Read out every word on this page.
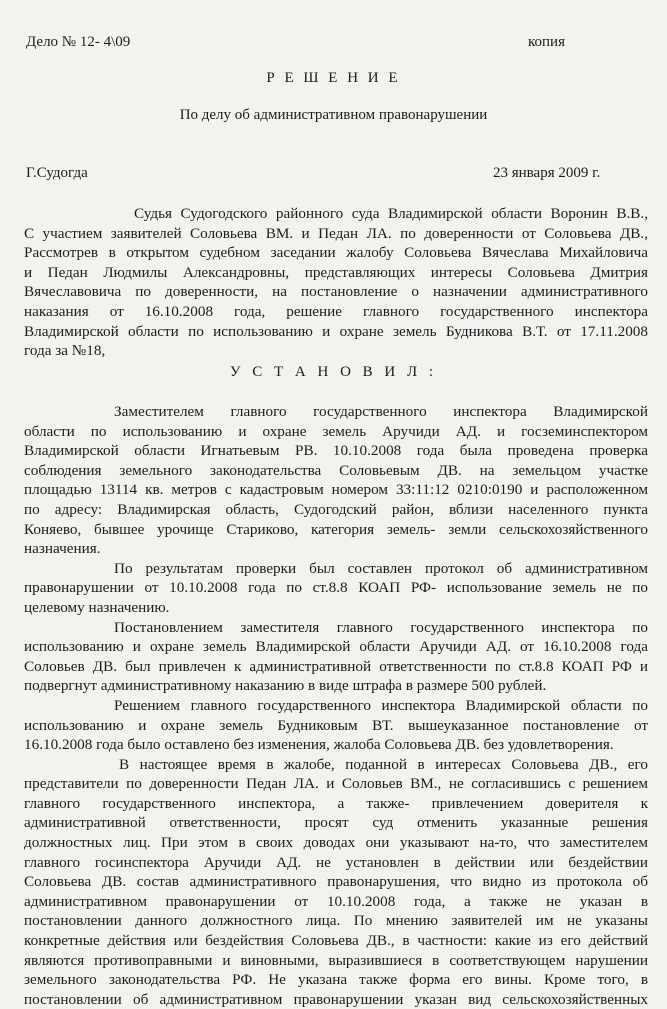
Дело № 12- 4\09	копия
Р Е Ш Е Н И Е
По делу об административном правонарушении
Г.Судогда	23 января 2009 г.
Судья Судогодского районного суда Владимирской области Воронин В.В.,
С участием заявителей Соловьева ВМ. и Педан ЛА. по доверенности от Соловьева ДВ.,
Рассмотрев в открытом судебном заседании жалобу Соловьева Вячеслава Михайловича
и Педан Людмилы Александровны, представляющих интересы Соловьева Дмитрия
Вячеславовича по доверенности, на постановление о назначении административного
наказания от 16.10.2008 года, решение главного государственного инспектора
Владимирской области по использованию и охране земель Будникова В.Т. от 17.11.2008
года за №18,
У С Т А Н О В И Л :
Заместителем главного государственного инспектора Владимирской
области по использованию и охране земель Аручиди АД. и госземинспектором
Владимирской области Игнатьевым РВ. 10.10.2008 года была проведена проверка
соблюдения земельного законодательства Соловьевым ДВ. на земельцом участке
площадью 13114 кв. метров с кадастровым номером 33:11:12 0210:0190 и расположенном
по адресу: Владимирская область, Судогодский район, вблизи населенного пункта
Коняево, бывшее урочище Стариково, категория земель- земли сельскохозяйственного
назначения.
По результатам проверки был составлен протокол об административном
правонарушении от 10.10.2008 года по ст.8.8 КОАП РФ- использование земель не по
целевому назначению.
Постановлением заместителя главного государственного инспектора по
использованию и охране земель Владимирской области Аручиди АД. от 16.10.2008 года
Соловьев ДВ. был привлечен к административной ответственности по ст.8.8 КОАП РФ и
подвергнут административному наказанию в виде штрафа в размере 500 рублей.
Решением главного государственного инспектора Владимирской области по
использованию и охране земель Будниковым ВТ. вышеуказанное постановление от
16.10.2008 года было оставлено без изменения, жалоба Соловьева ДВ. без удовлетворения.
В настоящее время в жалобе, поданной в интересах Соловьева ДВ., его
представители по доверенности Педан ЛА. и Соловьев ВМ., не согласившись с решением
главного государственного инспектора, а также- привлечением доверителя к
административной ответственности, просят суд отменить указанные решения
должностных лиц. При этом в своих доводах они указывают на-то, что заместителем
главного госинспектора Аручиди АД. не установлен в действии или бездействии
Соловьева ДВ. состав административного правонарушения, что видно из протокола об
административном правонарушении от 10.10.2008 года, а также не указан в
постановлении данного должностного лица. По мнению заявителей им не указаны
конкретные действия или бездействия Соловьева ДВ., в частности: какие из его действий
являются противоправными и виновными, выразившиеся в соответствующем нарушении
земельного законодательства РФ. Не указана также форма его вины. Кроме того, в
постановлении об административном правонарушении указан вид сельскохозяйственных
